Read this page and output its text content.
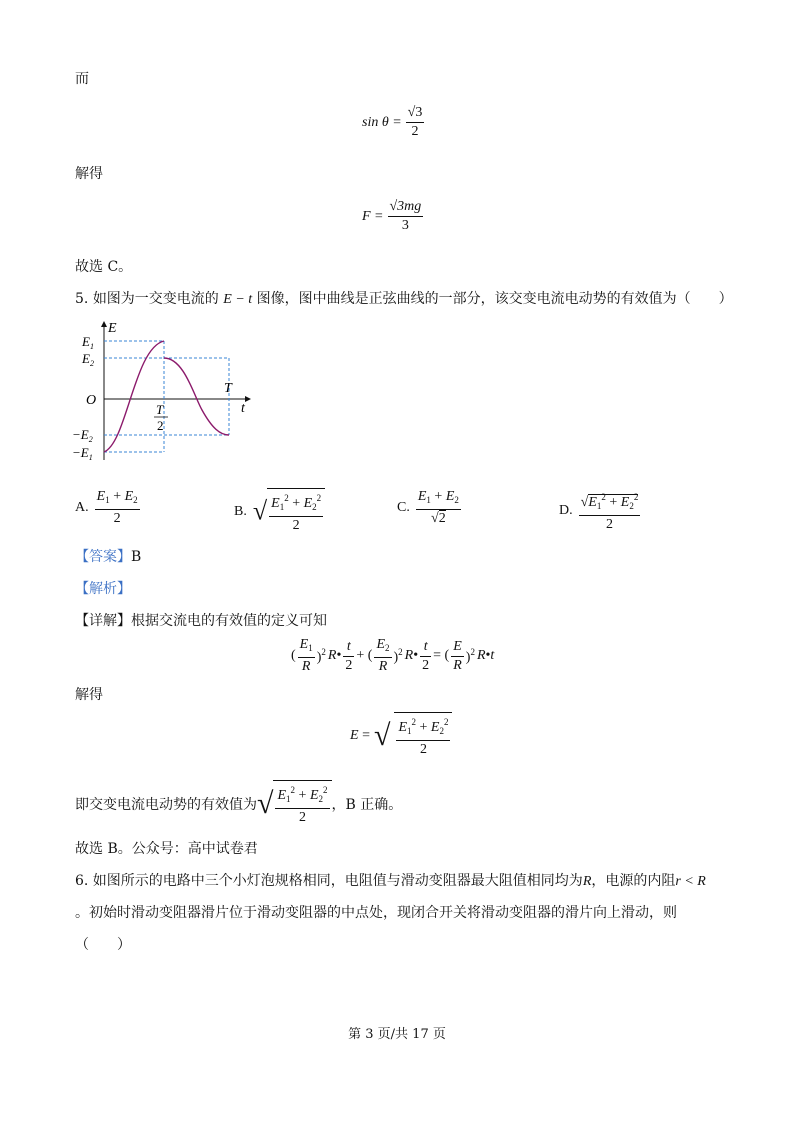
而
$\sin \theta = \frac{√3}{2}$
解得
$F = \frac{√3mg}{3}$
故选 C。
5. 如图为一交变电流的 E − t 图像，图中曲线是正弦曲线的一部分，该交变电流电动势的有效值为（　　）
E
t
O
T
T
2
$E_1$
$E_2$
$-E_2$
$-E_1$
A. $\frac{E_1 + E_2}{2}$	B. √ $\frac{E_1^2 + E_2^2}{2}$	C. $\frac{E_1 + E_2}{√2}$	D. $\frac{√E_1^2 + E_2^2}{2}$
【答案】B
【解析】
【详解】根据交流电的有效值的定义可知
( $\frac{E_1}{R} )^2$ R• $\frac{t}{2}$ + ( $\frac{E_2}{R} )^2$ R• $\frac{t}{2}$ = ( $\frac{E}{R} )^2$ R•t
解得
E = √ $\frac{E_1^2 + E_2^2}{2}$
即交变电流电动势的有效值为 √ $\frac{E_1^2 + E_2^2}{2}$ ，B 正确。
故选 B。公众号：高中试卷君
6. 如图所示的电路中三个小灯泡规格相同，电阻值与滑动变阻器最大阻值相同均为R，电源的内阻r < R
。初始时滑动变阻器滑片位于滑动变阻器的中点处，现闭合开关将滑动变阻器的滑片向上滑动，则
（　　）
第 3 页/共 17 页
